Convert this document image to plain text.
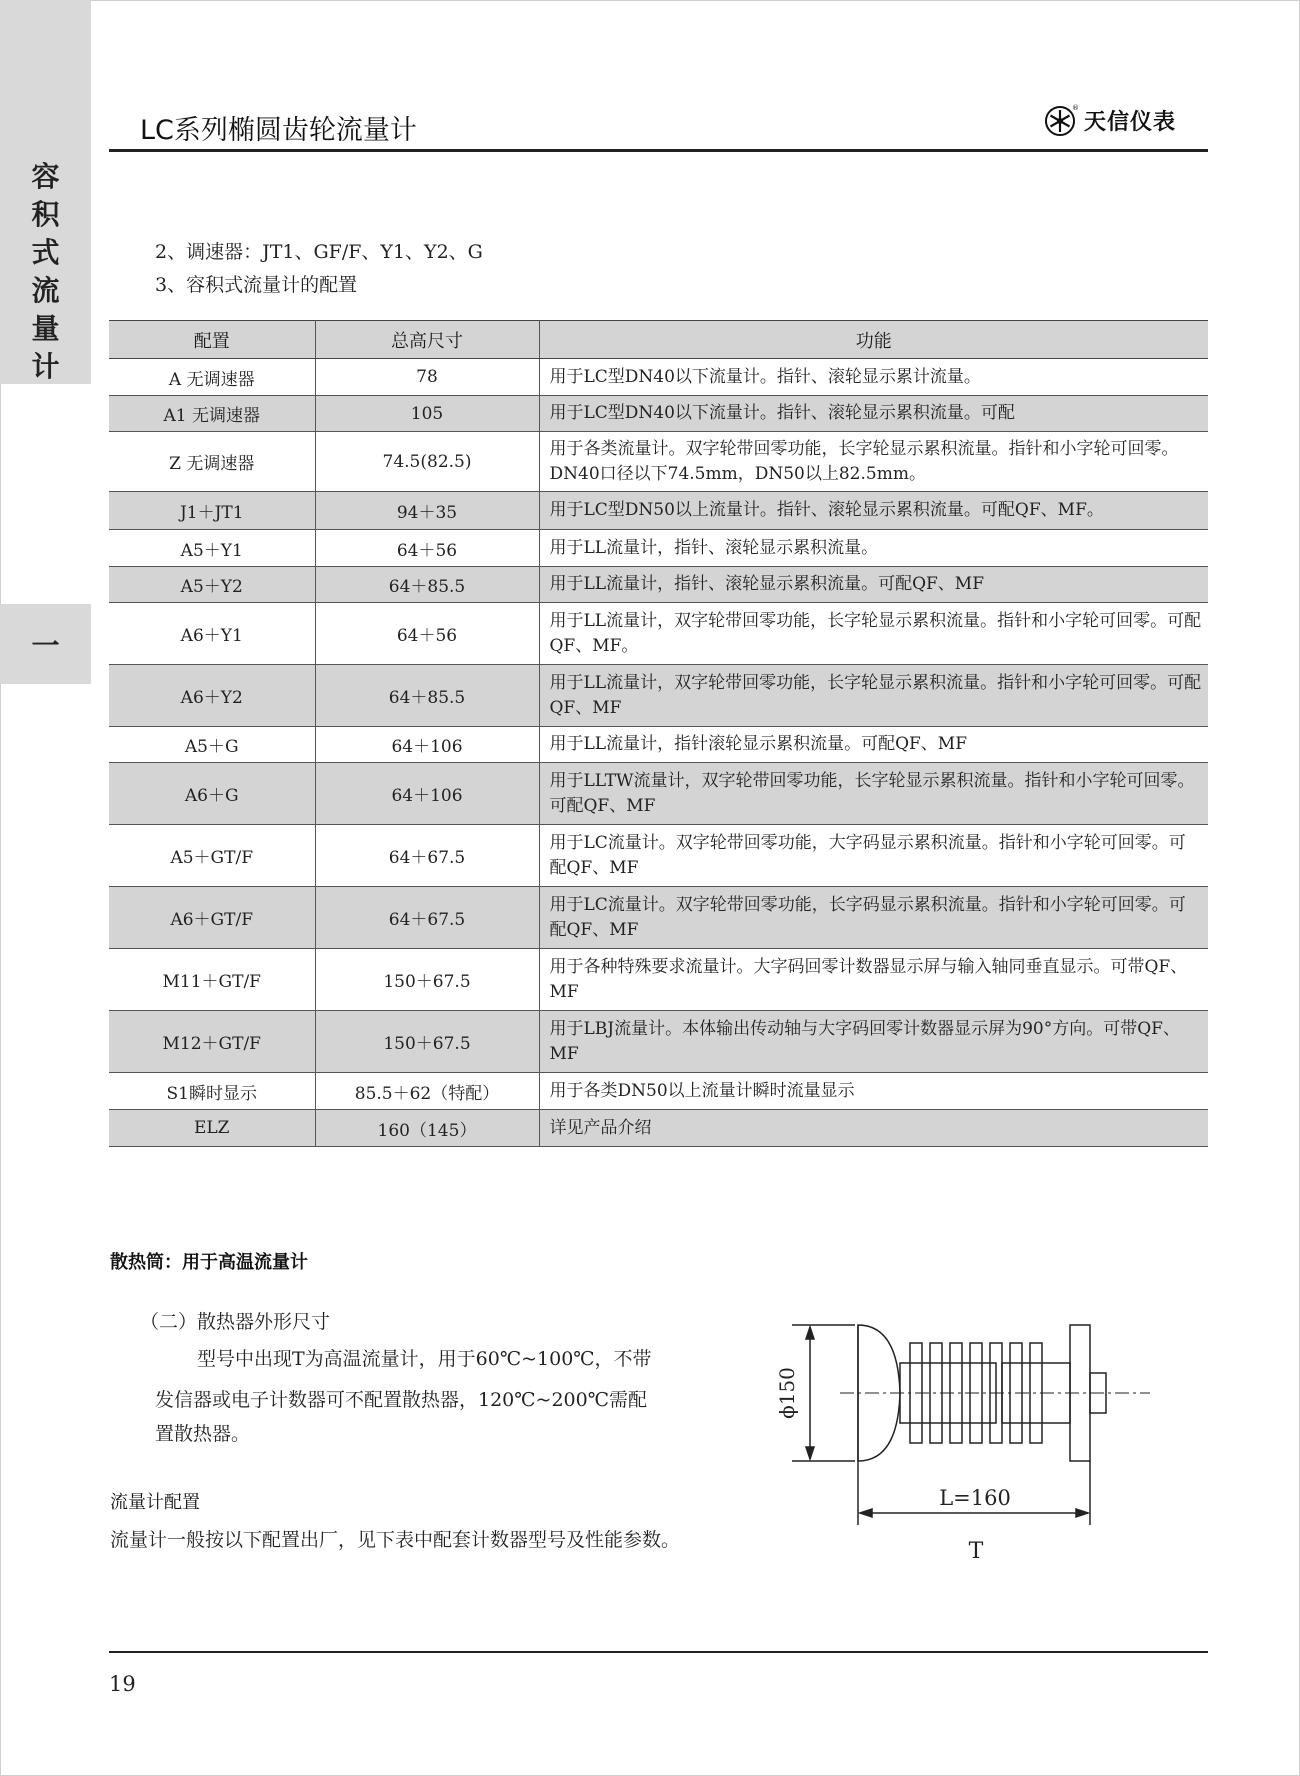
容积式流量计
一
LC系列椭圆齿轮流量计
®
天信仪表
2、调速器：JT1、GF/F、Y1、Y2、G
3、容积式流量计的配置
配置	总高尺寸	功能
A 无调速器	78	用于LC型DN40以下流量计。指针、滚轮显示累计流量。
A1 无调速器	105	用于LC型DN40以下流量计。指针、滚轮显示累积流量。可配
Z 无调速器	74.5(82.5)	用于各类流量计。双字轮带回零功能，长字轮显示累积流量。指针和小字轮可回零。DN40口径以下74.5mm，DN50以上82.5mm。
J1＋JT1	94＋35	用于LC型DN50以上流量计。指针、滚轮显示累积流量。可配QF、MF。
A5＋Y1	64＋56	用于LL流量计，指针、滚轮显示累积流量。
A5＋Y2	64＋85.5	用于LL流量计，指针、滚轮显示累积流量。可配QF、MF
A6＋Y1	64＋56	用于LL流量计，双字轮带回零功能，长字轮显示累积流量。指针和小字轮可回零。可配QF、MF。
A6＋Y2	64＋85.5	用于LL流量计，双字轮带回零功能，长字轮显示累积流量。指针和小字轮可回零。可配QF、MF
A5＋G	64＋106	用于LL流量计，指针滚轮显示累积流量。可配QF、MF
A6＋G	64＋106	用于LLTW流量计，双字轮带回零功能，长字轮显示累积流量。指针和小字轮可回零。可配QF、MF
A5＋GT/F	64＋67.5	用于LC流量计。双字轮带回零功能，大字码显示累积流量。指针和小字轮可回零。可配QF、MF
A6＋GT/F	64＋67.5	用于LC流量计。双字轮带回零功能，长字码显示累积流量。指针和小字轮可回零。可配QF、MF
M11＋GT/F	150＋67.5	用于各种特殊要求流量计。大字码回零计数器显示屏与输入轴同垂直显示。可带QF、MF
M12＋GT/F	150＋67.5	用于LBJ流量计。本体输出传动轴与大字码回零计数器显示屏为90°方向。可带QF、MF
S1瞬时显示	85.5＋62（特配）	用于各类DN50以上流量计瞬时流量显示
ELZ	160（145）	详见产品介绍
散热筒：用于高温流量计
（二）散热器外形尺寸
型号中出现T为高温流量计，用于60℃~100℃，不带
发信器或电子计数器可不配置散热器，120℃~200℃需配
置散热器。
流量计配置
流量计一般按以下配置出厂，见下表中配套计数器型号及性能参数。
ϕ150
L=160
T
19
